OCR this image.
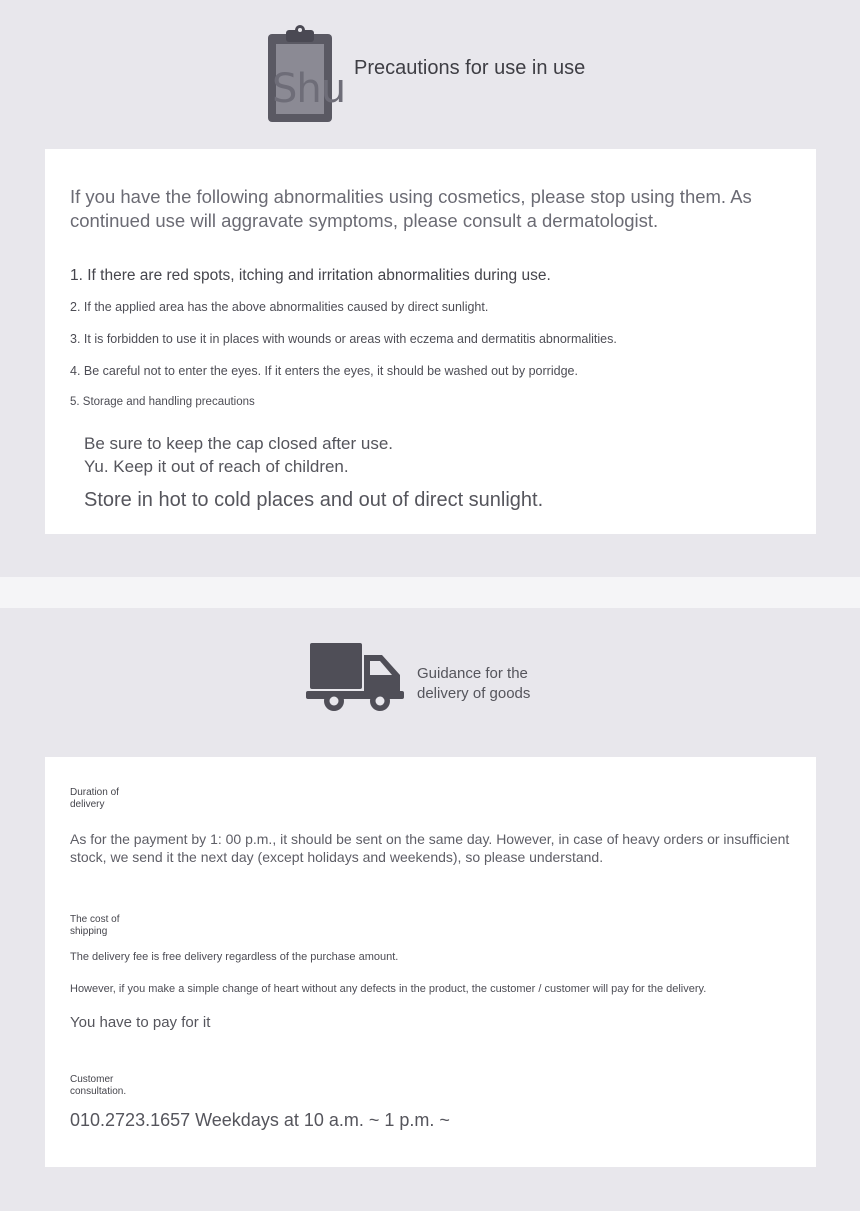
Shu Precautions for use in use
If you have the following abnormalities using cosmetics, please stop using them. As continued use will aggravate symptoms, please consult a dermatologist.
1. If there are red spots, itching and irritation abnormalities during use.
2. If the applied area has the above abnormalities caused by direct sunlight.
3. It is forbidden to use it in places with wounds or areas with eczema and dermatitis abnormalities.
4. Be careful not to enter the eyes. If it enters the eyes, it should be washed out by porridge.
5. Storage and handling precautions
Be sure to keep the cap closed after use. Yu. Keep it out of reach of children.
Store in hot to cold places and out of direct sunlight.
Guidance for the delivery of goods
Duration of delivery
As for the payment by 1: 00 p.m., it should be sent on the same day. However, in case of heavy orders or insufficient stock, we send it the next day (except holidays and weekends), so please understand.
The cost of shipping
The delivery fee is free delivery regardless of the purchase amount.
However, if you make a simple change of heart without any defects in the product, the customer / customer will pay for the delivery.
You have to pay for it
Customer consultation.
010.2723.1657 Weekdays at 10 a.m. ~ 1 p.m. ~
